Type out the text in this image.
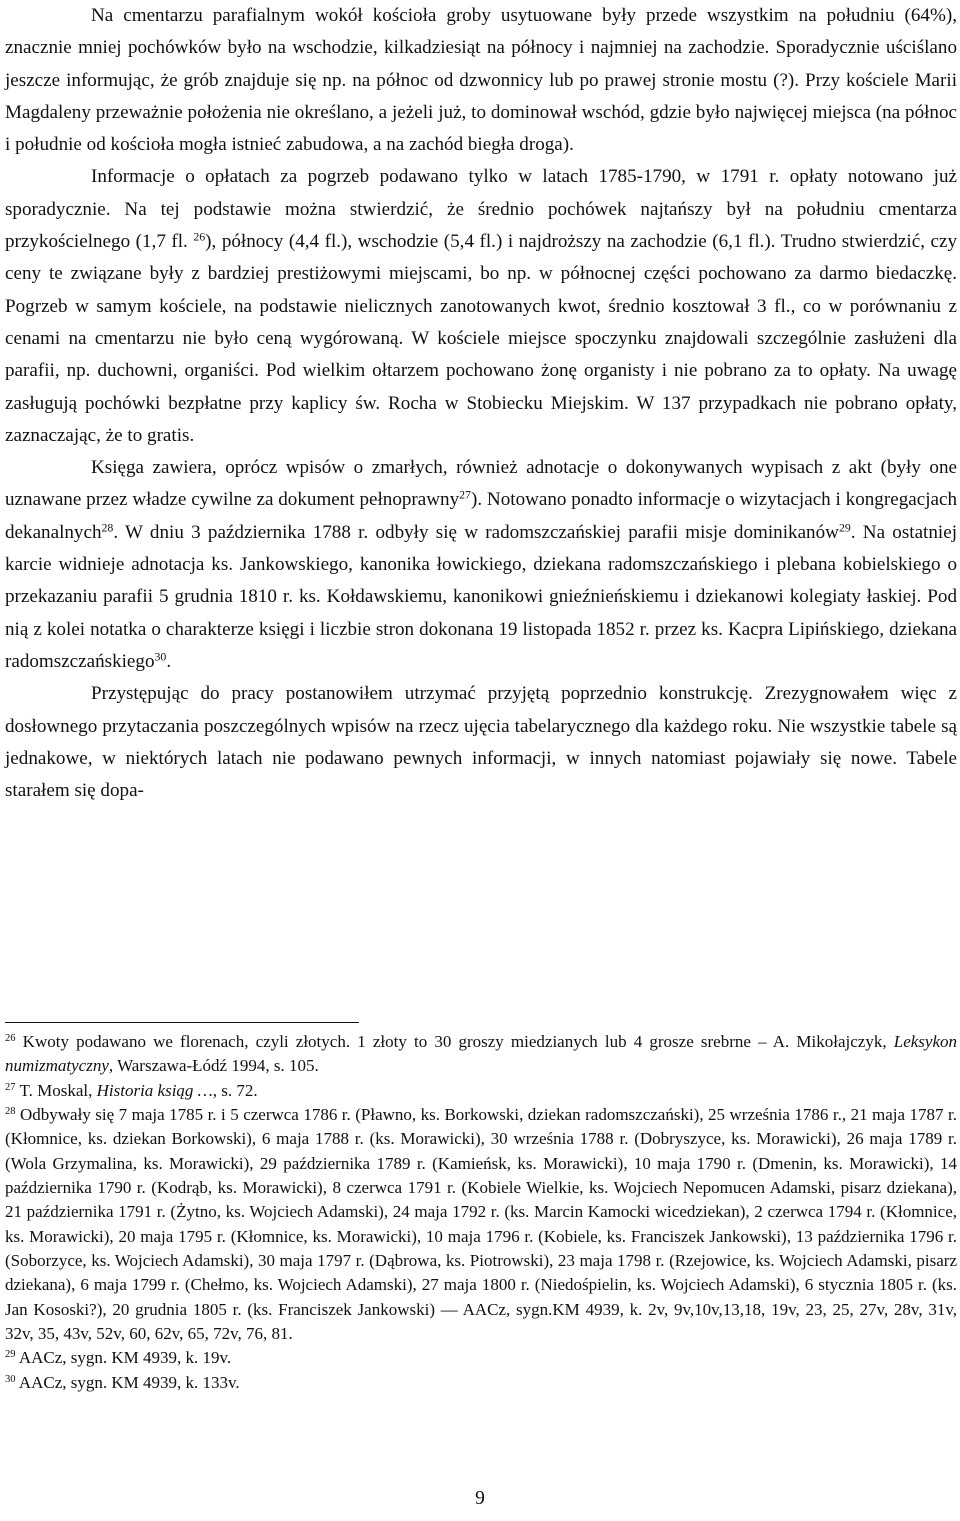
Na cmentarzu parafialnym wokół kościoła groby usytuowane były przede wszystkim na południu (64%), znacznie mniej pochówków było na wschodzie, kilkadziesiąt na północy i najmniej na zachodzie. Sporadycznie uściślano jeszcze informując, że grób znajduje się np. na północ od dzwonnicy lub po prawej stronie mostu (?). Przy kościele Marii Magdaleny przeważnie położenia nie określano, a jeżeli już, to dominował wschód, gdzie było najwięcej miejsca (na północ i południe od kościoła mogła istnieć zabudowa, a na zachód biegła droga).

Informacje o opłatach za pogrzeb podawano tylko w latach 1785-1790, w 1791 r. opłaty notowano już sporadycznie. Na tej podstawie można stwierdzić, że średnio pochówek najtańszy był na południu cmentarza przykościelnego (1,7 fl. $^{26}$), północy (4,4 fl.), wschodzie (5,4 fl.) i najdroższy na zachodzie (6,1 fl.). Trudno stwierdzić, czy ceny te związane były z bardziej prestiżowymi miejscami, bo np. w północnej części pochowano za darmo biedaczkę. Pogrzeb w samym kościele, na podstawie nielicznych zanotowanych kwot, średnio kosztował 3 fl., co w porównaniu z cenami na cmentarzu nie było ceną wygórowaną. W kościele miejsce spoczynku znajdowali szczególnie zasłużeni dla parafii, np. duchowni, organiści. Pod wielkim ołtarzem pochowano żonę organisty i nie pobrano za to opłaty. Na uwagę zasługują pochówki bezpłatne przy kaplicy św. Rocha w Stobiecku Miejskim. W 137 przypadkach nie pobrano opłaty, zaznaczając, że to gratis.

Księga zawiera, oprócz wpisów o zmarłych, również adnotacje o dokonywanych wypisach z akt (były one uznawane przez władze cywilne za dokument pełnoprawny$^{27}$). Notowano ponadto informacje o wizytacjach i kongregacjach dekanalnych$^{28}$. W dniu 3 października 1788 r. odbyły się w radomszczańskiej parafii misje dominikanów$^{29}$. Na ostatniej karcie widnieje adnotacja ks. Jankowskiego, kanonika łowickiego, dziekana radomszczańskiego i plebana kobielskiego o przekazaniu parafii 5 grudnia 1810 r. ks. Kołdawskiemu, kanonikowi gnieźnieńskiemu i dziekanowi kolegiaty łaskiej. Pod nią z kolei notatka o charakterze księgi i liczbie stron dokonana 19 listopada 1852 r. przez ks. Kacpra Lipińskiego, dziekana radomszczańskiego$^{30}$.

Przystępując do pracy postanowiłem utrzymać przyjętą poprzednio konstrukcję. Zrezygnowałem więc z dosłownego przytaczania poszczególnych wpisów na rzecz ujęcia tabelarycznego dla każdego roku. Nie wszystkie tabele są jednakowe, w niektórych latach nie podawano pewnych informacji, w innych natomiast pojawiały się nowe. Tabele starałem się dopa-

$^{26}$ Kwoty podawano we florenach, czyli złotych. 1 złoty to 30 groszy miedzianych lub 4 grosze srebrne – A. Mikołajczyk, Leksykon numizmatyczny, Warszawa-Łódź 1994, s. 105.

$^{27}$ T. Moskal, Historia ksiąg …, s. 72.

$^{28}$ Odbywały się 7 maja 1785 r. i 5 czerwca 1786 r. (Pławno, ks. Borkowski, dziekan radomszczański), 25 września 1786 r., 21 maja 1787 r. (Kłomnice, ks. dziekan Borkowski), 6 maja 1788 r. (ks. Morawicki), 30 września 1788 r. (Dobryszyce, ks. Morawicki), 26 maja 1789 r. (Wola Grzymalina, ks. Morawicki), 29 października 1789 r. (Kamieńsk, ks. Morawicki), 10 maja 1790 r. (Dmenin, ks. Morawicki), 14 października 1790 r. (Kodrąb, ks. Morawicki), 8 czerwca 1791 r. (Kobiele Wielkie, ks. Wojciech Nepomucen Adamski, pisarz dziekana), 21 października 1791 r. (Żytno, ks. Wojciech Adamski), 24 maja 1792 r. (ks. Marcin Kamocki wicedziekan), 2 czerwca 1794 r. (Kłomnice, ks. Morawicki), 20 maja 1795 r. (Kłomnice, ks. Morawicki), 10 maja 1796 r. (Kobiele, ks. Franciszek Jankowski), 13 października 1796 r. (Soborzyce, ks. Wojciech Adamski), 30 maja 1797 r. (Dąbrowa, ks. Piotrowski), 23 maja 1798 r. (Rzejowice, ks. Wojciech Adamski, pisarz dziekana), 6 maja 1799 r. (Chełmo, ks. Wojciech Adamski), 27 maja 1800 r. (Niedośpielin, ks. Wojciech Adamski), 6 stycznia 1805 r. (ks. Jan Kososki?), 20 grudnia 1805 r. (ks. Franciszek Jankowski) — AACz, sygn.KM 4939, k. 2v, 9v,10v,13,18, 19v, 23, 25, 27v, 28v, 31v, 32v, 35, 43v, 52v, 60, 62v, 65, 72v, 76, 81.

$^{29}$ AACz, sygn. KM 4939, k. 19v.

$^{30}$ AACz, sygn. KM 4939, k. 133v.

9
